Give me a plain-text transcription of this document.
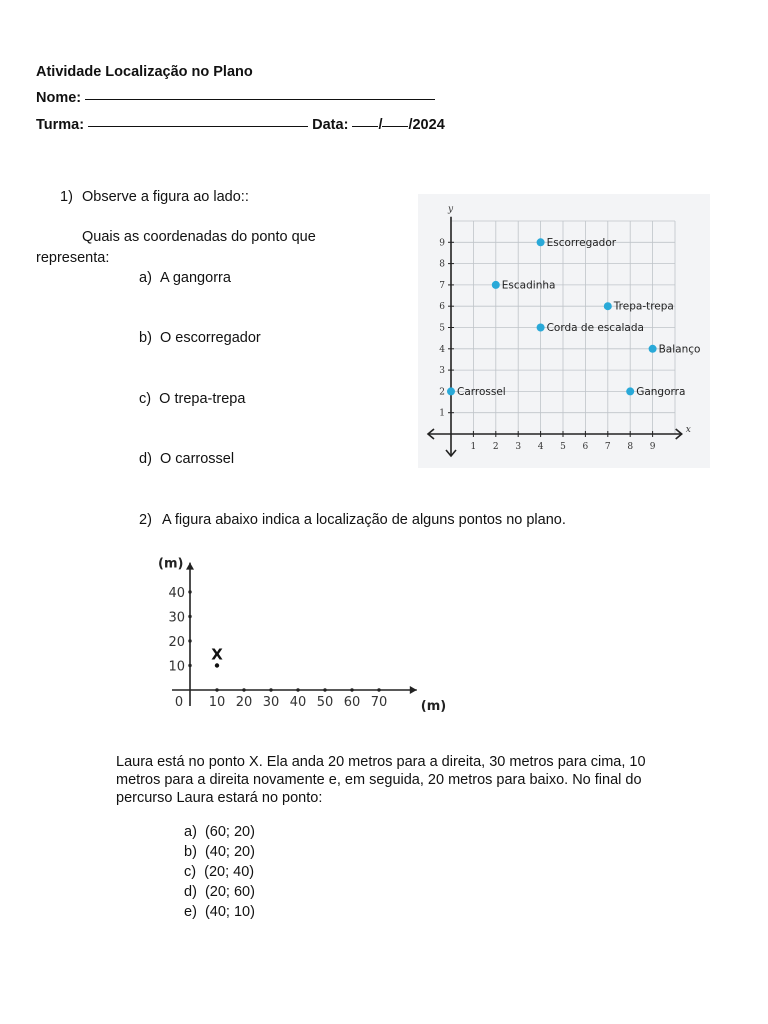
Atividade Localização no Plano
Nome:
Turma:	Data: / /2024
1) Observe a figura ao lado::
Quais as coordenadas do ponto que
representa:
a) A gangorra
b) O escorregador
c) O trepa-trepa
d) O carrossel
x
y
1 2 3 4 5 6 7 8 9
1
2
3
4
5
6
7
8
9	Escorregador
Escadinha
Trepa-trepa
Corda de escalada
Balanço
Carrossel	Gangorra
2) A figura abaixo indica a localização de alguns pontos no plano.
(m)
(m)
0 10 20 30 40 50 60 70
10
20
30
40
X
Laura está no ponto X. Ela anda 20 metros para a direita, 30 metros para cima, 10
metros para a direita novamente e, em seguida, 20 metros para baixo. No final do
percurso Laura estará no ponto:
a) (60; 20)
b) (40; 20)
c) (20; 40)
d) (20; 60)
e) (40; 10)
